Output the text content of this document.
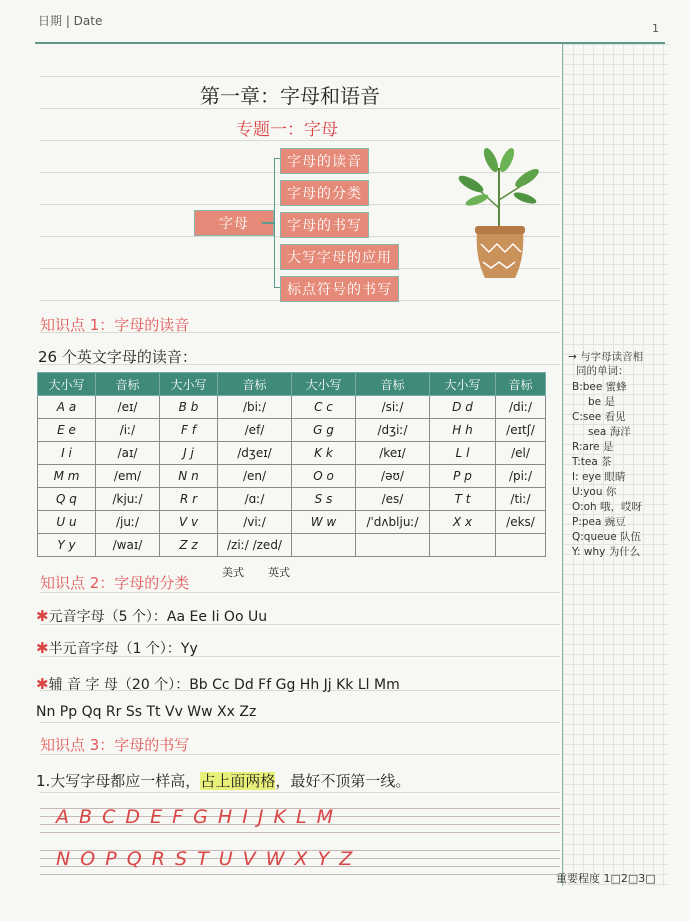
日期 | Date
1
第一章：字母和语音
专题一：字母
字母
字母的读音
字母的分类
字母的书写
大写字母的应用
标点符号的书写
知识点 1：字母的读音
26 个英文字母的读音：
大小写	音标	大小写	音标	大小写	音标	大小写	音标
A a	/eɪ/	B b	/biː/	C c	/siː/	D d	/diː/
E e	/iː/	F f	/ef/	G g	/dʒiː/	H h	/eɪtʃ/
I i	/aɪ/	J j	/dʒeɪ/	K k	/keɪ/	L l	/el/
M m	/em/	N n	/en/	O o	/əʊ/	P p	/piː/
Q q	/kjuː/	R r	/ɑː/	S s	/es/	T t	/tiː/
U u	/juː/	V v	/viː/	W w	/ˈdʌbljuː/	X x	/eks/
Y y	/waɪ/	Z z	/ziː/ /zed/				
美式 英式
知识点 2：字母的分类
✱元音字母（5 个）：Aa Ee Ii Oo Uu
✱半元音字母（1 个）：Yy
✱辅 音 字 母（20 个）：Bb Cc Dd Ff Gg Hh Jj Kk Ll Mm
Nn Pp Qq Rr Ss Tt Vv Ww Xx Zz
知识点 3：字母的书写
1.大写字母都应一样高，占上面两格，最好不顶第一线。
A B C D E F G H I J K L M
N O P Q R S T U V W X Y Z
→ 与字母读音相
同的单词：
B:bee 蜜蜂
be 是
C:see 看见
sea 海洋
R:are 是
T:tea 茶
I: eye 眼睛
U:you 你
O:oh 哦，哎呀
P:pea 豌豆
Q:queue 队伍
Y: why 为什么
重要程度 1□2□3□
